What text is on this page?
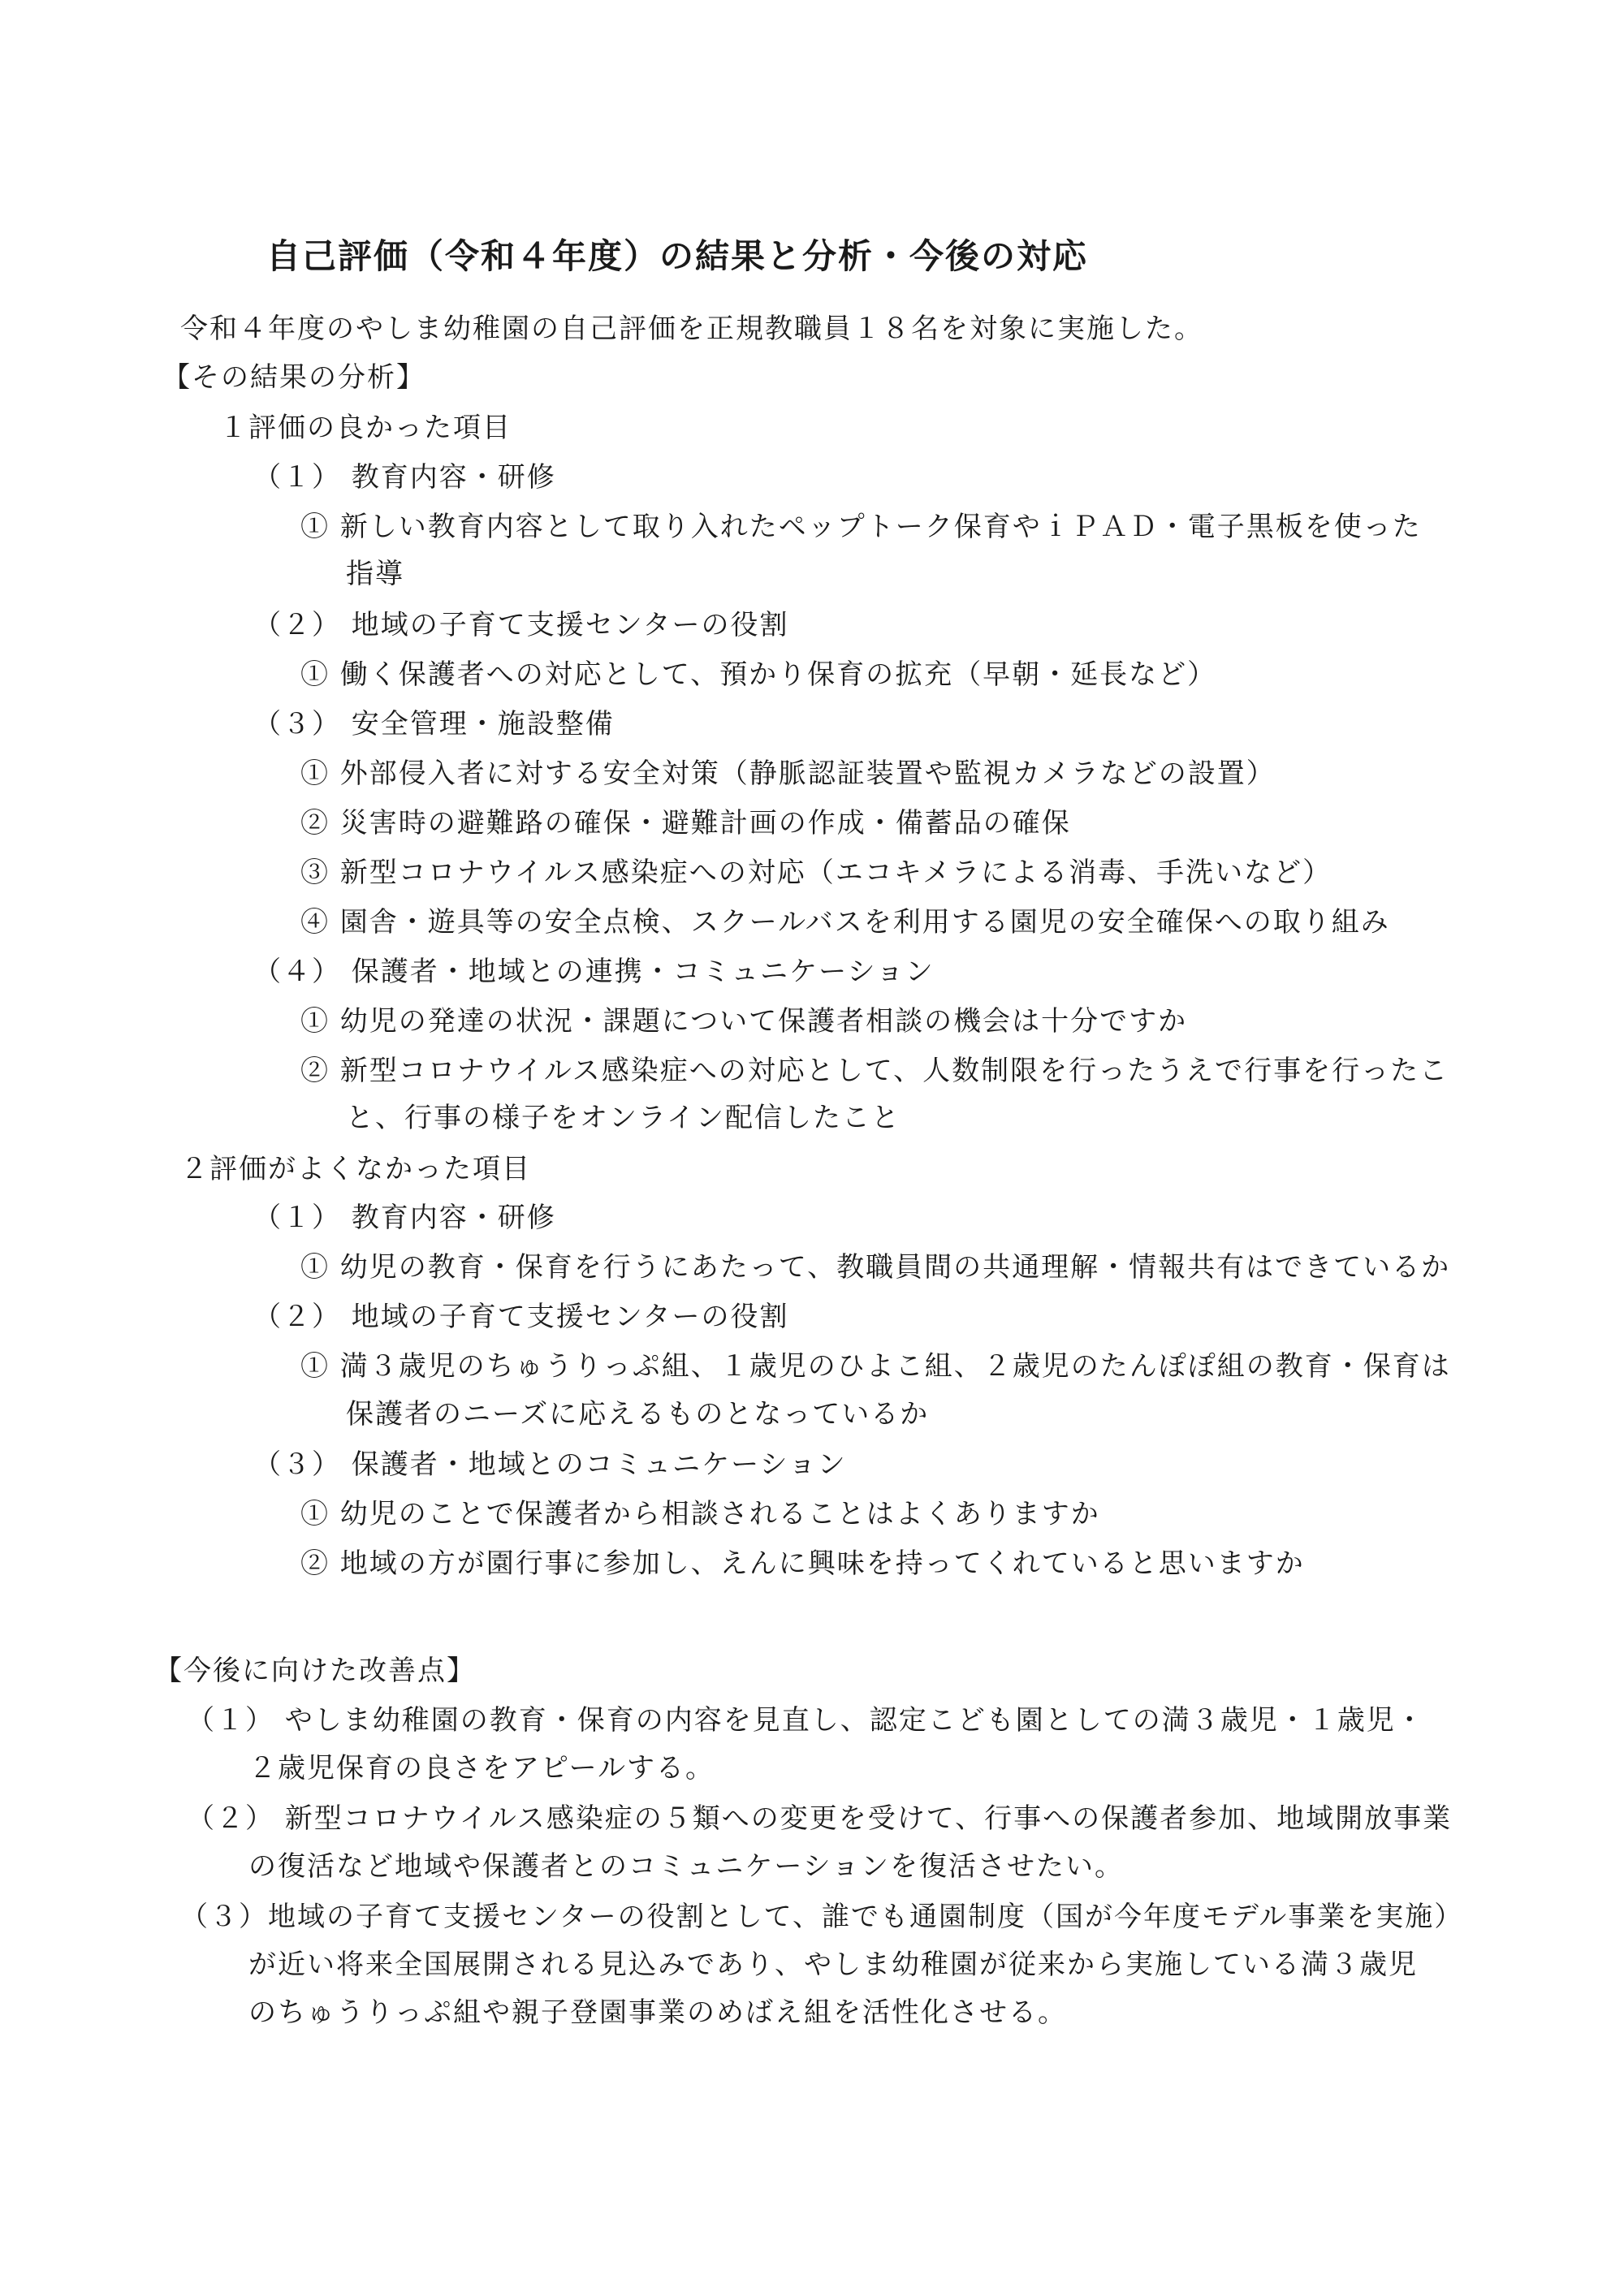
自己評価（令和４年度）の結果と分析・今後の対応
令和４年度のやしま幼稚園の自己評価を正規教職員１８名を対象に実施した。
【その結果の分析】
１評価の良かった項目
（１） 教育内容・研修
① 新しい教育内容として取り入れたペップトーク保育やｉＰＡＤ・電子黒板を使った
指導
（２） 地域の子育て支援センターの役割
① 働く保護者への対応として、預かり保育の拡充（早朝・延長など）
（３） 安全管理・施設整備
① 外部侵入者に対する安全対策（静脈認証装置や監視カメラなどの設置）
② 災害時の避難路の確保・避難計画の作成・備蓄品の確保
③ 新型コロナウイルス感染症への対応（エコキメラによる消毒、手洗いなど）
④ 園舎・遊具等の安全点検、スクールバスを利用する園児の安全確保への取り組み
（４） 保護者・地域との連携・コミュニケーション
① 幼児の発達の状況・課題について保護者相談の機会は十分ですか
② 新型コロナウイルス感染症への対応として、人数制限を行ったうえで行事を行ったこ
と、行事の様子をオンライン配信したこと
２評価がよくなかった項目
（１） 教育内容・研修
① 幼児の教育・保育を行うにあたって、教職員間の共通理解・情報共有はできているか
（２） 地域の子育て支援センターの役割
① 満３歳児のちゅうりっぷ組、１歳児のひよこ組、２歳児のたんぽぽ組の教育・保育は
保護者のニーズに応えるものとなっているか
（３） 保護者・地域とのコミュニケーション
① 幼児のことで保護者から相談されることはよくありますか
② 地域の方が園行事に参加し、えんに興味を持ってくれていると思いますか
【今後に向けた改善点】
（１） やしま幼稚園の教育・保育の内容を見直し、認定こども園としての満３歳児・１歳児・
２歳児保育の良さをアピールする。
（２） 新型コロナウイルス感染症の５類への変更を受けて、行事への保護者参加、地域開放事業
の復活など地域や保護者とのコミュニケーションを復活させたい。
（３）地域の子育て支援センターの役割として、誰でも通園制度（国が今年度モデル事業を実施）
が近い将来全国展開される見込みであり、やしま幼稚園が従来から実施している満３歳児
のちゅうりっぷ組や親子登園事業のめばえ組を活性化させる。
